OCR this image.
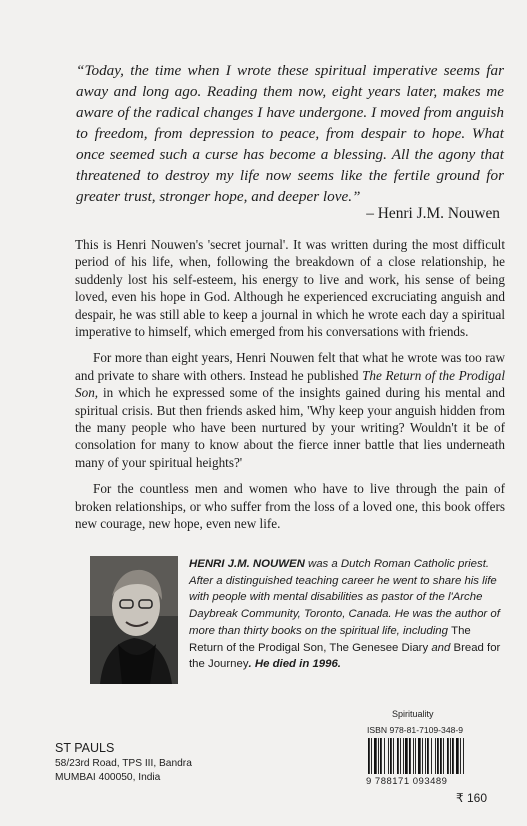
“Today, the time when I wrote these spiritual imperative seems far away and long ago. Reading them now, eight years later, makes me aware of the radical changes I have undergone. I moved from anguish to freedom, from depression to peace, from despair to hope. What once seemed such a curse has become a blessing. All the agony that threatened to destroy my life now seems like the fertile ground for greater trust, stronger hope, and deeper love.”

– Henri J.M. Nouwen

This is Henri Nouwen's 'secret journal'. It was written during the most difficult period of his life, when, following the breakdown of a close relationship, he suddenly lost his self-esteem, his energy to live and work, his sense of being loved, even his hope in God. Although he experienced excruciating anguish and despair, he was still able to keep a journal in which he wrote each day a spiritual imperative to himself, which emerged from his conversations with friends.

For more than eight years, Henri Nouwen felt that what he wrote was too raw and private to share with others. Instead he published The Return of the Prodigal Son, in which he expressed some of the insights gained during his mental and spiritual crisis. But then friends asked him, 'Why keep your anguish hidden from the many people who have been nurtured by your writing? Wouldn't it be of consolation for many to know about the fierce inner battle that lies underneath many of your spiritual heights?'

For the countless men and women who have to live through the pain of broken relationships, or who suffer from the loss of a loved one, this book offers new courage, new hope, even new life.

HENRI J.M. NOUWEN was a Dutch Roman Catholic priest. After a distinguished teaching career he went to share his life with people with mental disabilities as pastor of the l'Arche Daybreak Community, Toronto, Canada. He was the author of more than thirty books on the spiritual life, including The Return of the Prodigal Son, The Genesee Diary and Bread for the Journey. He died in 1996.

Spirituality
ISBN 978-81-7109-348-9
9 788171 093489
₹ 160
ST PAULS
58/23rd Road, TPS III, Bandra
MUMBAI 400050, India
